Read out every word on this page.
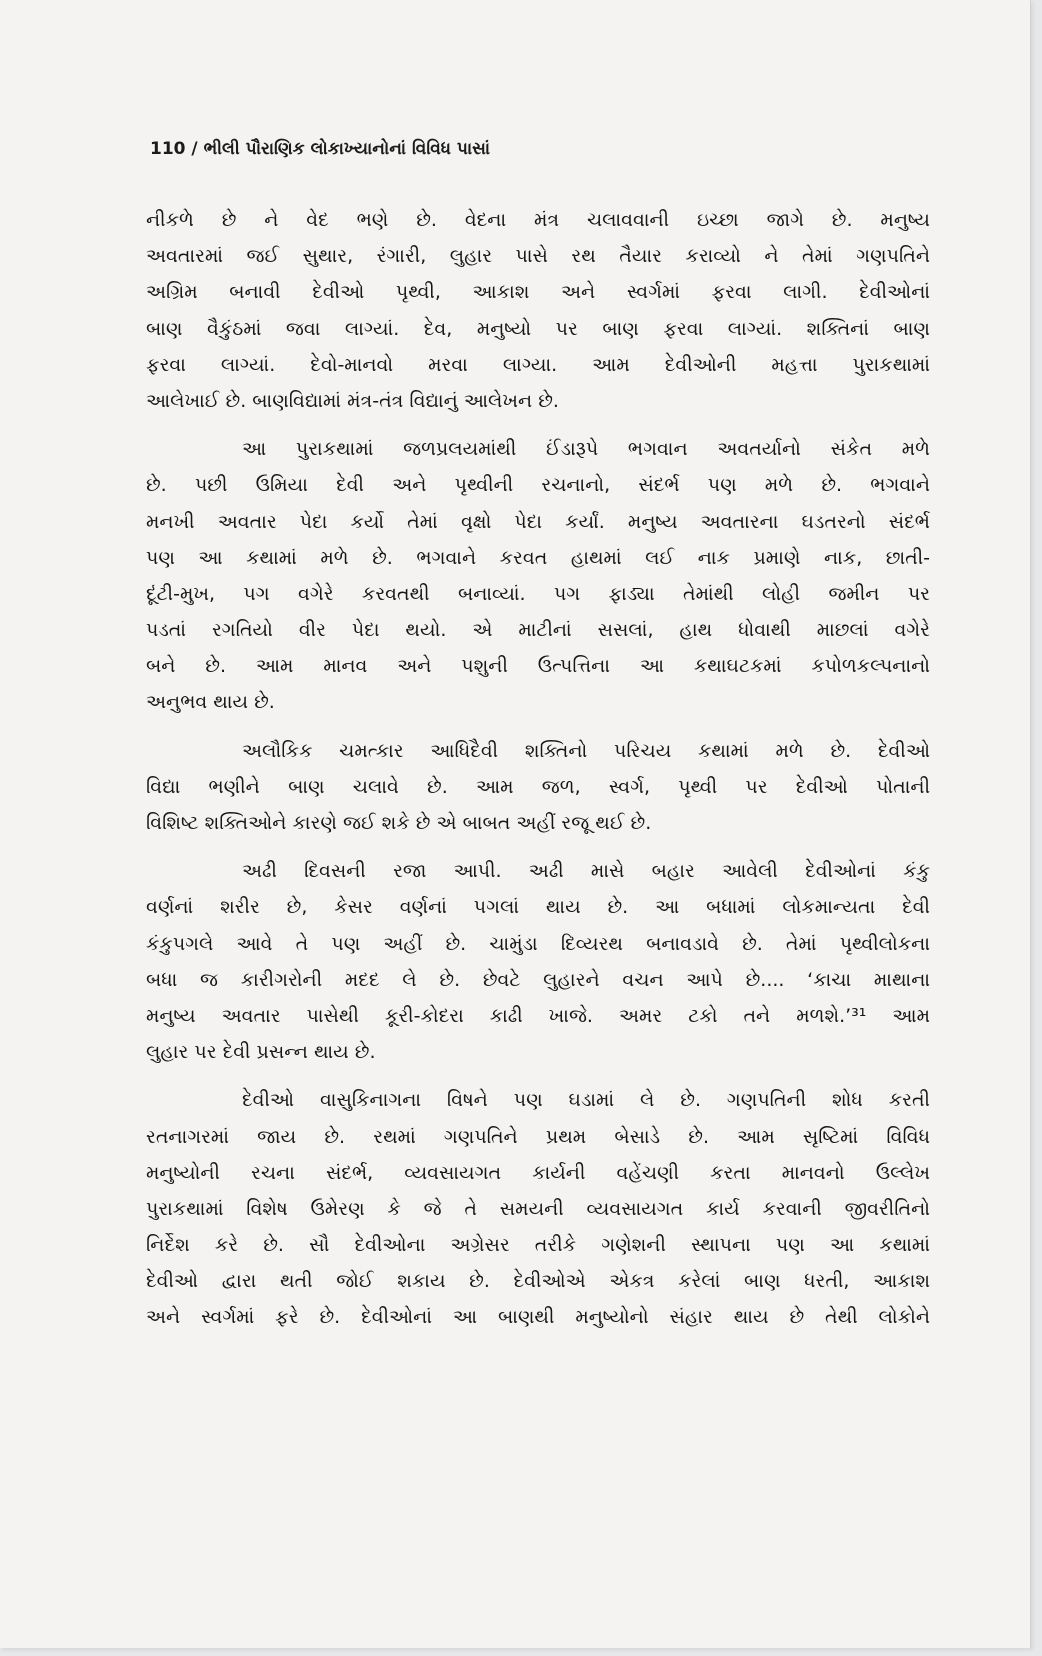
110 / ભીલી પૌરાણિક લોકાખ્યાનોનાં વિવિધ પાસાં
નીકળે છે ને વેદ ભણે છે. વેદના મંત્ર ચલાવવાની ઇચ્છા જાગે છે. મનુષ્ય
અવતારમાં જઈ સુથાર, રંગારી, લુહાર પાસે રથ તૈયાર કરાવ્યો ને તેમાં ગણપતિને
અગ્રિમ બનાવી દેવીઓ પૃથ્વી, આકાશ અને સ્વર્ગમાં ફરવા લાગી. દેવીઓનાં
બાણ વૈકુંઠમાં જવા લાગ્યાં. દેવ, મનુષ્યો પર બાણ ફરવા લાગ્યાં. શક્તિનાં બાણ
ફરવા લાગ્યાં. દેવો-માનવો મરવા લાગ્યા. આમ દેવીઓની મહત્તા પુરાકથામાં
આલેખાઈ છે. બાણવિદ્યામાં મંત્ર-તંત્ર વિદ્યાનું આલેખન છે.
આ પુરાકથામાં જળપ્રલયમાંથી ઈંડારૂપે ભગવાન અવતર્યાનો સંકેત મળે
છે. પછી ઉમિયા દેવી અને પૃથ્વીની રચનાનો, સંદર્ભ પણ મળે છે. ભગવાને
મનખી અવતાર પેદા કર્યો તેમાં વૃક્ષો પેદા કર્યાં. મનુષ્ય અવતારના ઘડતરનો સંદર્ભ
પણ આ કથામાં મળે છે. ભગવાને કરવત હાથમાં લઈ નાક પ્રમાણે નાક, છાતી-
દૂંટી-મુખ, પગ વગેરે કરવતથી બનાવ્યાં. પગ ફાડ્યા તેમાંથી લોહી જમીન પર
પડતાં રગતિયો વીર પેદા થયો. એ માટીનાં સસલાં, હાથ ધોવાથી માછલાં વગેરે
બને છે. આમ માનવ અને પશુની ઉત્પત્તિના આ કથાઘટકમાં કપોળકલ્પનાનો
અનુભવ થાય છે.
અલૌકિક ચમત્કાર આધિદૈવી શક્તિનો પરિચય કથામાં મળે છે. દેવીઓ
વિદ્યા ભણીને બાણ ચલાવે છે. આમ જળ, સ્વર્ગ, પૃથ્વી પર દેવીઓ પોતાની
વિશિષ્ટ શક્તિઓને કારણે જઈ શકે છે એ બાબત અહીં રજૂ થઈ છે.
અઢી દિવસની રજા આપી. અઢી માસે બહાર આવેલી દેવીઓનાં કંકુ
વર્ણનાં શરીર છે, કેસર વર્ણનાં પગલાં થાય છે. આ બધામાં લોકમાન્યતા દેવી
કંકુપગલે આવે તે પણ અહીં છે. ચામુંડા દિવ્યરથ બનાવડાવે છે. તેમાં પૃથ્વીલોકના
બધા જ કારીગરોની મદદ લે છે. છેવટે લુહારને વચન આપે છે.... ‘કાચા માથાના
મનુષ્ય અવતાર પાસેથી કૂરી-કોદરા કાઢી ખાજે. અમર ટકો તને મળશે.’³¹ આમ
લુહાર પર દેવી પ્રસન્ન થાય છે.
દેવીઓ વાસુકિનાગના વિષને પણ ઘડામાં લે છે. ગણપતિની શોધ કરતી
રતનાગરમાં જાય છે. રથમાં ગણપતિને પ્રથમ બેસાડે છે. આમ સૃષ્ટિમાં વિવિધ
મનુષ્યોની રચના સંદર્ભ, વ્યવસાયગત કાર્યની વહેંચણી કરતા માનવનો ઉલ્લેખ
પુરાકથામાં વિશેષ ઉમેરણ કે જે તે સમયની વ્યવસાયગત કાર્ય કરવાની જીવરીતિનો
નિર્દેશ કરે છે. સૌ દેવીઓના અગ્રેસર તરીકે ગણેશની સ્થાપના પણ આ કથામાં
દેવીઓ દ્વારા થતી જોઈ શકાય છે. દેવીઓએ એકત્ર કરેલાં બાણ ધરતી, આકાશ
અને સ્વર્ગમાં ફરે છે. દેવીઓનાં આ બાણથી મનુષ્યોનો સંહાર થાય છે તેથી લોકોને
